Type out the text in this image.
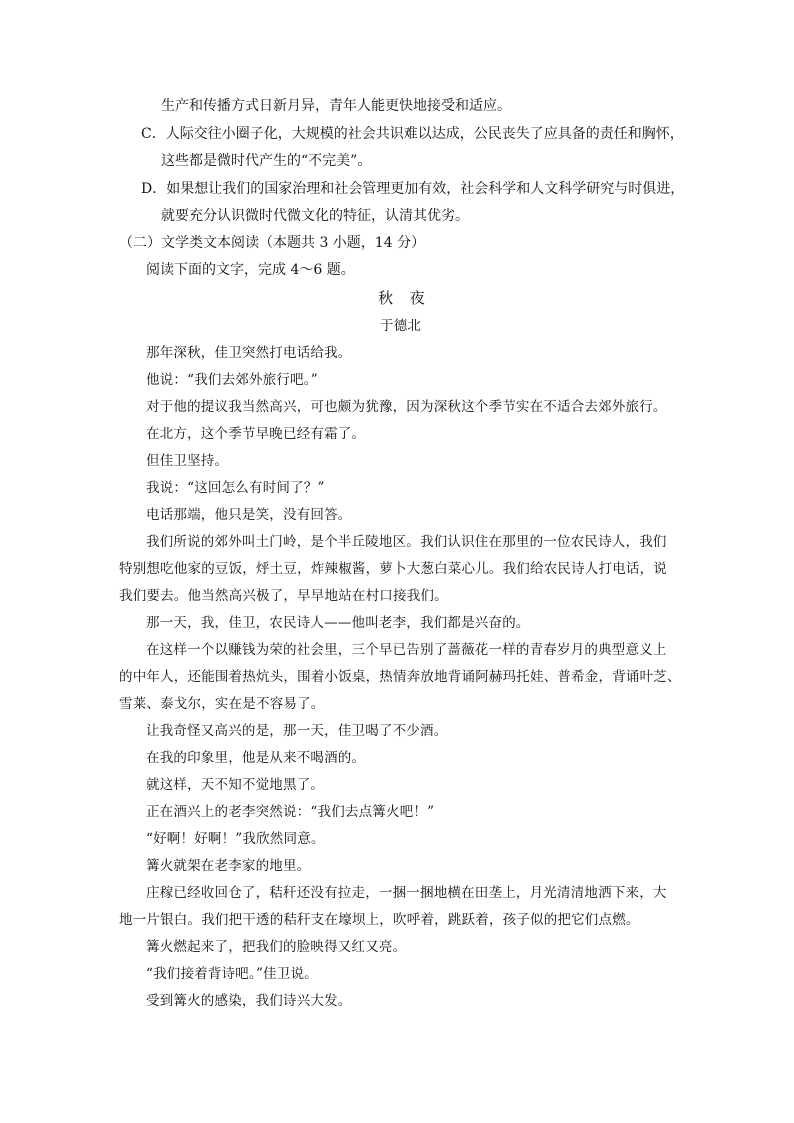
生产和传播方式日新月异，青年人能更快地接受和适应。
C．人际交往小圈子化，大规模的社会共识难以达成，公民丧失了应具备的责任和胸怀，
这些都是微时代产生的“不完美”。
D．如果想让我们的国家治理和社会管理更加有效，社会科学和人文科学研究与时俱进，
就要充分认识微时代微文化的特征，认清其优劣。
（二）文学类文本阅读（本题共 3 小题，14 分）
阅读下面的文字，完成 4～6 题。
秋 夜
于德北
那年深秋，佳卫突然打电话给我。
他说：“我们去郊外旅行吧。”
对于他的提议我当然高兴，可也颇为犹豫，因为深秋这个季节实在不适合去郊外旅行。
在北方，这个季节早晚已经有霜了。
但佳卫坚持。
我说：“这回怎么有时间了？”
电话那端，他只是笑，没有回答。
我们所说的郊外叫土门岭，是个半丘陵地区。我们认识住在那里的一位农民诗人，我们
特别想吃他家的豆饭，烀土豆，炸辣椒酱，萝卜大葱白菜心儿。我们给农民诗人打电话，说
我们要去。他当然高兴极了，早早地站在村口接我们。
那一天，我，佳卫，农民诗人——他叫老李，我们都是兴奋的。
在这样一个以赚钱为荣的社会里，三个早已告别了蔷薇花一样的青春岁月的典型意义上
的中年人，还能围着热炕头，围着小饭桌，热情奔放地背诵阿赫玛托娃、普希金，背诵叶芝、
雪莱、泰戈尔，实在是不容易了。
让我奇怪又高兴的是，那一天，佳卫喝了不少酒。
在我的印象里，他是从来不喝酒的。
就这样，天不知不觉地黑了。
正在酒兴上的老李突然说：“我们去点篝火吧！”
“好啊！好啊！”我欣然同意。
篝火就架在老李家的地里。
庄稼已经收回仓了，秸秆还没有拉走，一捆一捆地横在田垄上，月光清清地洒下来，大
地一片银白。我们把干透的秸秆支在壕坝上，吹呼着，跳跃着，孩子似的把它们点燃。
篝火燃起来了，把我们的脸映得又红又亮。
“我们接着背诗吧。”佳卫说。
受到篝火的感染，我们诗兴大发。
